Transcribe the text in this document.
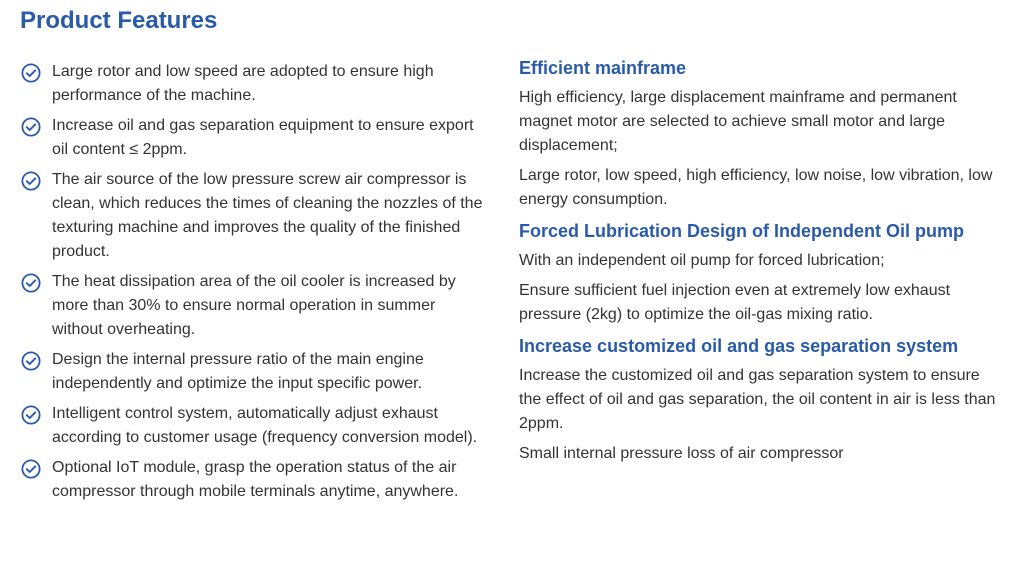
Product Features
Large rotor and low speed are adopted to ensure high performance of the machine.
Increase oil and gas separation equipment to ensure export oil content ≤ 2ppm.
The air source of the low pressure screw air compressor is clean, which reduces the times of cleaning the nozzles of the texturing machine and improves the quality of the finished product.
The heat dissipation area of the oil cooler is increased by more than 30% to ensure normal operation in summer without overheating.
Design the internal pressure ratio of the main engine independently and optimize the input specific power.
Intelligent control system, automatically adjust exhaust according to customer usage (frequency conversion model).
Optional IoT module, grasp the operation status of the air compressor through mobile terminals anytime, anywhere.
Efficient mainframe

High efficiency, large displacement mainframe and permanent magnet motor are selected to achieve small motor and large displacement;

Large rotor, low speed, high efficiency, low noise, low vibration, low energy consumption.

Forced Lubrication Design of Independent Oil pump

With an independent oil pump for forced lubrication;

Ensure sufficient fuel injection even at extremely low exhaust pressure (2kg) to optimize the oil-gas mixing ratio.

Increase customized oil and gas separation system

Increase the customized oil and gas separation system to ensure the effect of oil and gas separation, the oil content in air is less than 2ppm.

Small internal pressure loss of air compressor
